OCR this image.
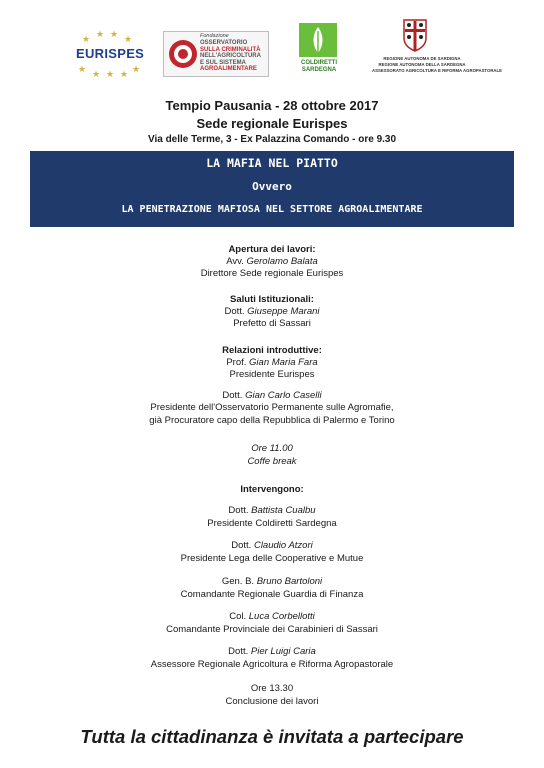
★ ★ ★ ★
★ ★ ★ ★ ★
EURISPES
Fondazione
OSSERVATORIO
SULLA CRIMINALITÀ
NELL'AGRICOLTURA
E SUL SISTEMA
AGROALIMENTARE
COLDIRETTI
SARDEGNA
REGIONE AUTONOMA DE SARDIGNA
REGIONE AUTONOMA DELLA SARDEGNA
ASSESSORATO AGRICOLTURA E RIFORMA AGROPASTORALE
Tempio Pausania - 28 ottobre 2017
Sede regionale Eurispes
Via delle Terme, 3 - Ex Palazzina Comando - ore 9.30
LA MAFIA NEL PIATTO
Ovvero
LA PENETRAZIONE MAFIOSA NEL SETTORE AGROALIMENTARE
Apertura dei lavori:
Avv. Gerolamo Balata
Direttore Sede regionale Eurispes
Saluti Istituzionali:
Dott. Giuseppe Marani
Prefetto di Sassari
Relazioni introduttive:
Prof. Gian Maria Fara
Presidente Eurispes
Dott. Gian Carlo Caselli
Presidente dell'Osservatorio Permanente sulle Agromafie,
già Procuratore capo della Repubblica di Palermo e Torino
Ore 11.00
Coffe break
Intervengono:
Dott. Battista Cualbu
Presidente Coldiretti Sardegna
Dott. Claudio Atzori
Presidente Lega delle Cooperative e Mutue
Gen. B. Bruno Bartoloni
Comandante Regionale Guardia di Finanza
Col. Luca Corbellotti
Comandante Provinciale dei Carabinieri di Sassari
Dott. Pier Luigi Caria
Assessore Regionale Agricoltura e Riforma Agropastorale
Ore 13.30
Conclusione dei lavori
Tutta la cittadinanza è invitata a partecipare
